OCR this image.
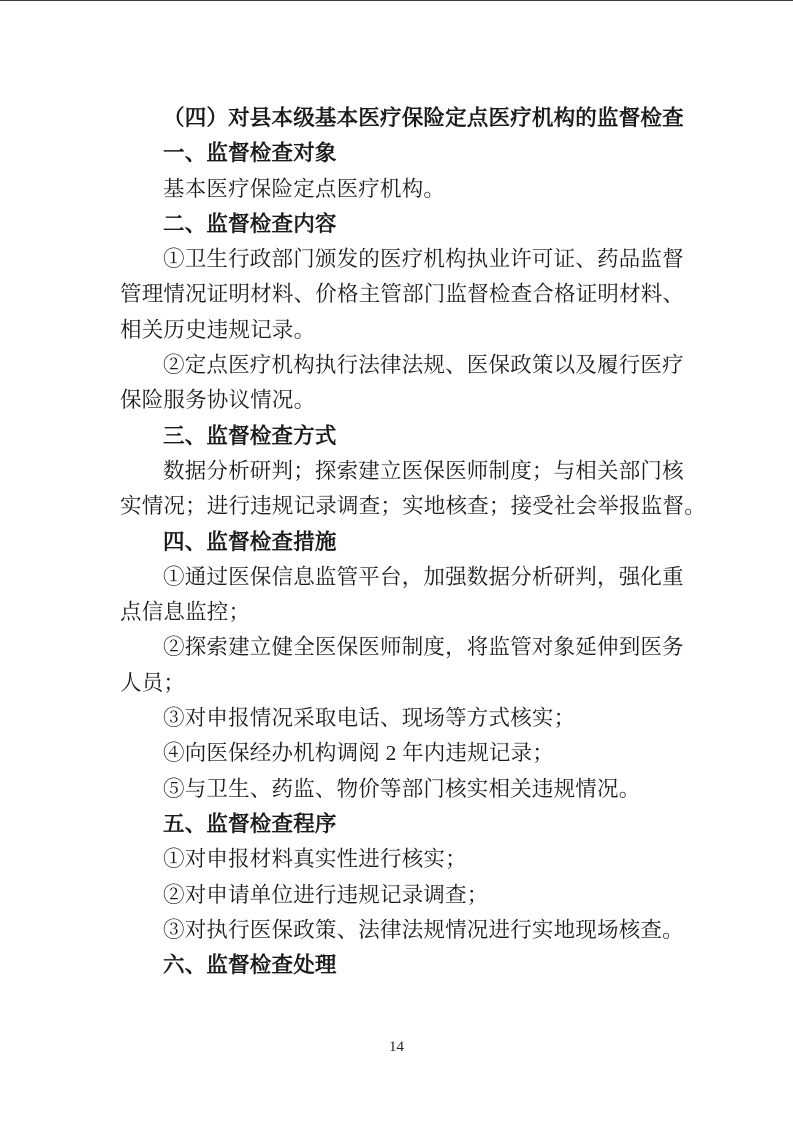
（四）对县本级基本医疗保险定点医疗机构的监督检查
一、监督检查对象
基本医疗保险定点医疗机构。
二、监督检查内容
①卫生行政部门颁发的医疗机构执业许可证、药品监督
管理情况证明材料、价格主管部门监督检查合格证明材料、
相关历史违规记录。
②定点医疗机构执行法律法规、医保政策以及履行医疗
保险服务协议情况。
三、监督检查方式
数据分析研判；探索建立医保医师制度；与相关部门核
实情况；进行违规记录调查；实地核查；接受社会举报监督。
四、监督检查措施
①通过医保信息监管平台，加强数据分析研判，强化重
点信息监控；
②探索建立健全医保医师制度，将监管对象延伸到医务
人员；
③对申报情况采取电话、现场等方式核实；
④向医保经办机构调阅 2 年内违规记录；
⑤与卫生、药监、物价等部门核实相关违规情况。
五、监督检查程序
①对申报材料真实性进行核实；
②对申请单位进行违规记录调查；
③对执行医保政策、法律法规情况进行实地现场核查。
六、监督检查处理
14
